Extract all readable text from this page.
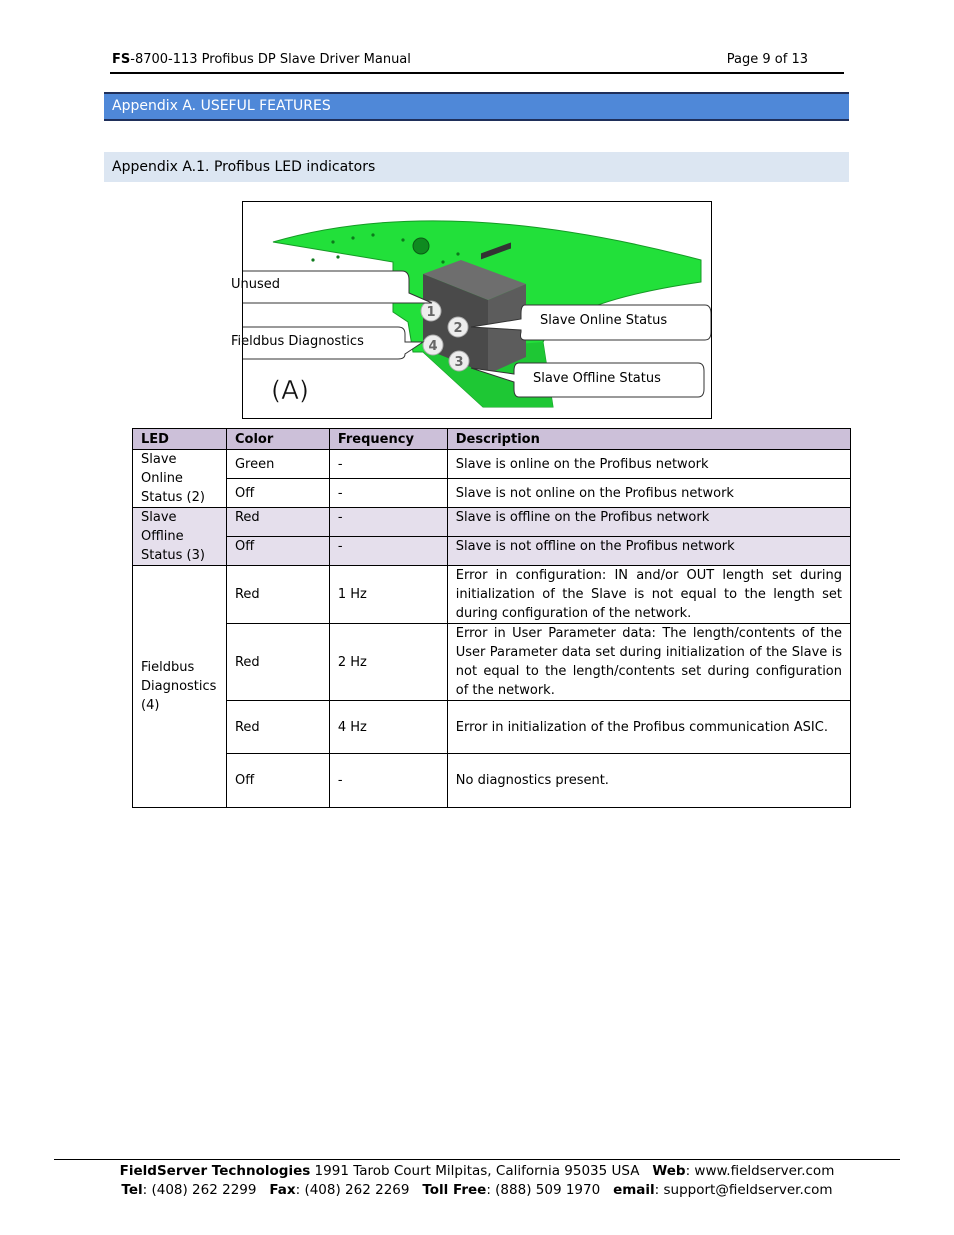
FS-8700-113 Profibus DP Slave Driver Manual	Page 9 of 13
Appendix A. USEFUL FEATURES
Appendix A.1. Profibus LED indicators
1
2
3
4
(A)
Unused
Fieldbus Diagnostics
Slave Online Status
Slave Offline Status
LED	Color	Frequency	Description
Slave Online Status (2)	Green	-	Slave is online on the Profibus network
	Off	-	Slave is not online on the Profibus network
Slave Offline Status (3)	Red	-	Slave is offline on the Profibus network
	Off	-	Slave is not offline on the Profibus network
Fieldbus Diagnostics (4)	Red	1 Hz	Error in configuration: IN and/or OUT length set during initialization of the Slave is not equal to the length set during configuration of the network.
	Red	2 Hz	Error in User Parameter data: The length/contents of the User Parameter data set during initialization of the Slave is not equal to the length/contents set during configuration of the network.
	Red	4 Hz	Error in initialization of the Profibus communication ASIC.
	Off	-	No diagnostics present.
FieldServer Technologies 1991 Tarob Court Milpitas, California 95035 USA Web: www.fieldserver.com
Tel: (408) 262 2299 Fax: (408) 262 2269 Toll Free: (888) 509 1970 email: support@fieldserver.com
